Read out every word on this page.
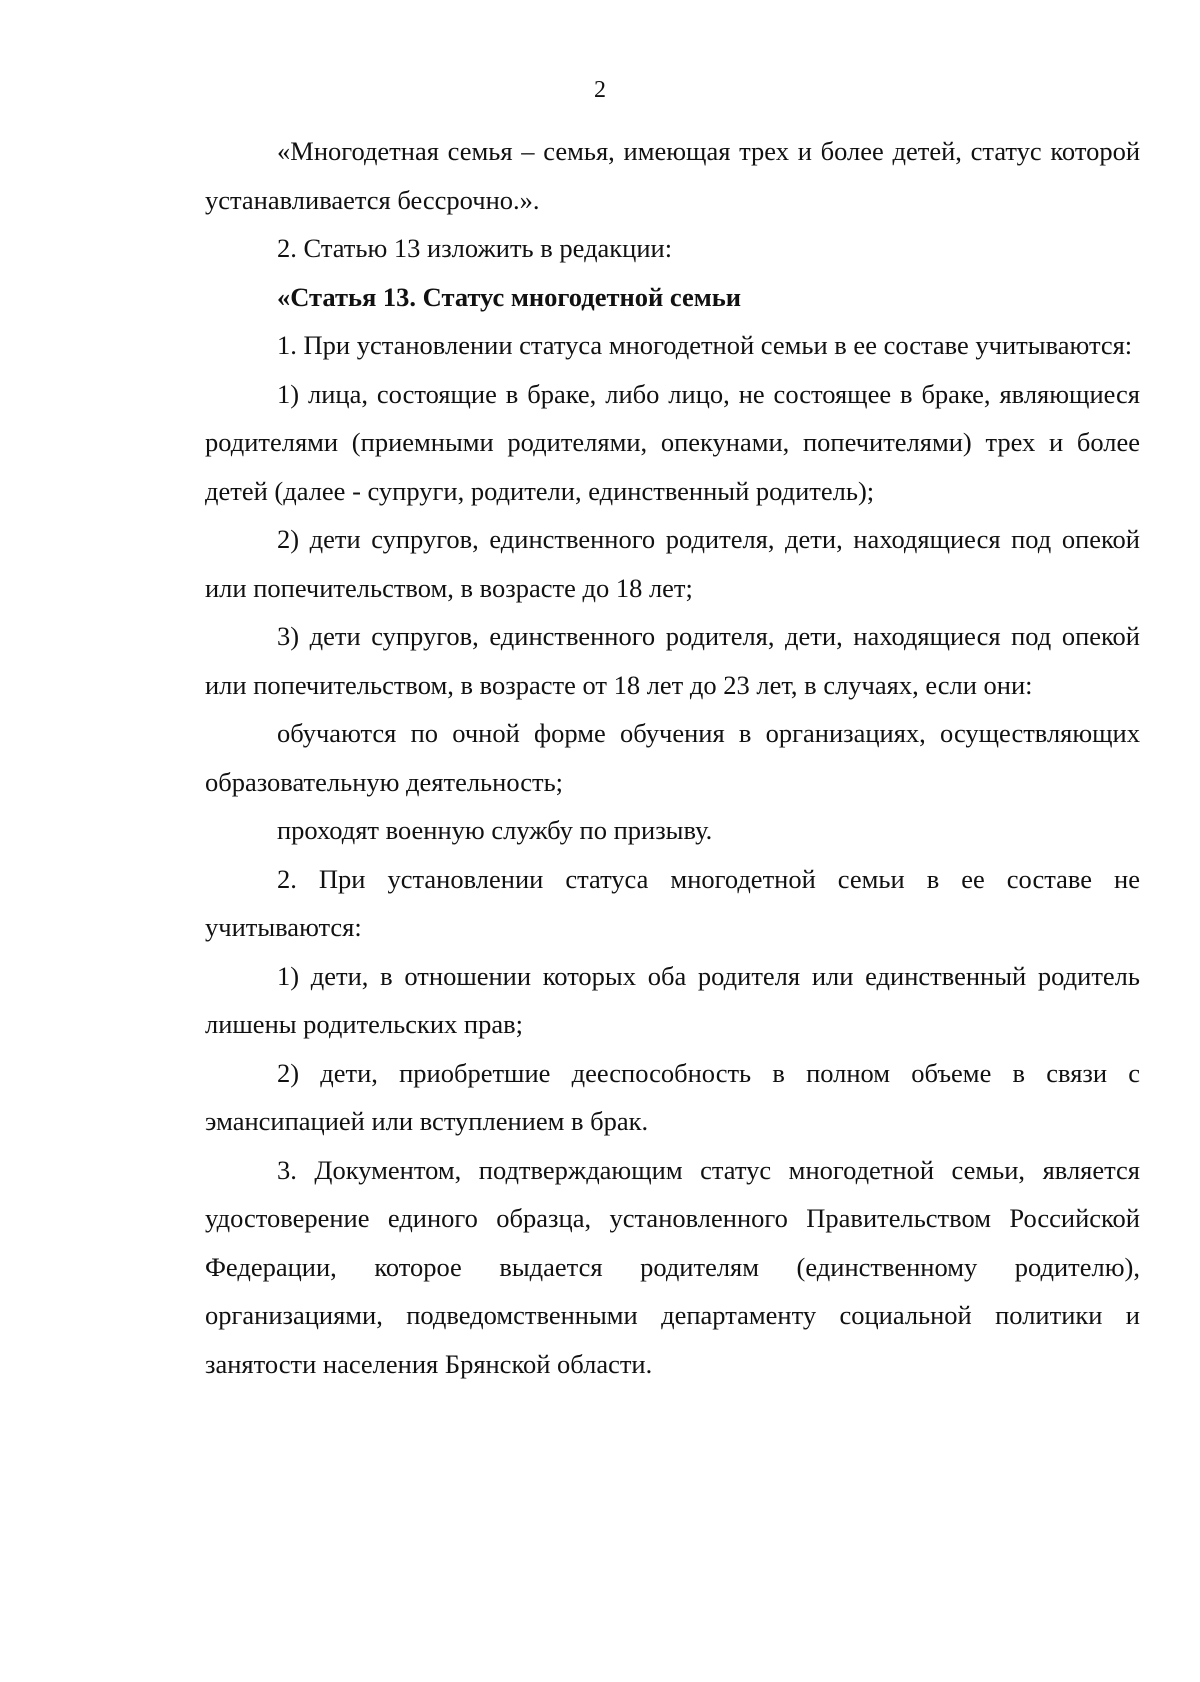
2

«Многодетная семья – семья, имеющая трех и более детей, статус которой устанавливается бессрочно.».

2. Статью 13 изложить в редакции:

«Статья 13. Статус многодетной семьи

1. При установлении статуса многодетной семьи в ее составе учитываются:

1) лица, состоящие в браке, либо лицо, не состоящее в браке, являющиеся родителями (приемными родителями, опекунами, попечителями) трех и более детей (далее - супруги, родители, единственный родитель);

2) дети супругов, единственного родителя, дети, находящиеся под опекой или попечительством, в возрасте до 18 лет;

3) дети супругов, единственного родителя, дети, находящиеся под опекой или попечительством, в возрасте от 18 лет до 23 лет, в случаях, если они:

обучаются по очной форме обучения в организациях, осуществляющих образовательную деятельность;

проходят военную службу по призыву.

2. При установлении статуса многодетной семьи в ее составе не учитываются:

1) дети, в отношении которых оба родителя или единственный родитель лишены родительских прав;

2) дети, приобретшие дееспособность в полном объеме в связи с эмансипацией или вступлением в брак.

3. Документом, подтверждающим статус многодетной семьи, является удостоверение единого образца, установленного Правительством Российской Федерации, которое выдается родителям (единственному родителю), организациями, подведомственными департаменту социальной политики и занятости населения Брянской области.
